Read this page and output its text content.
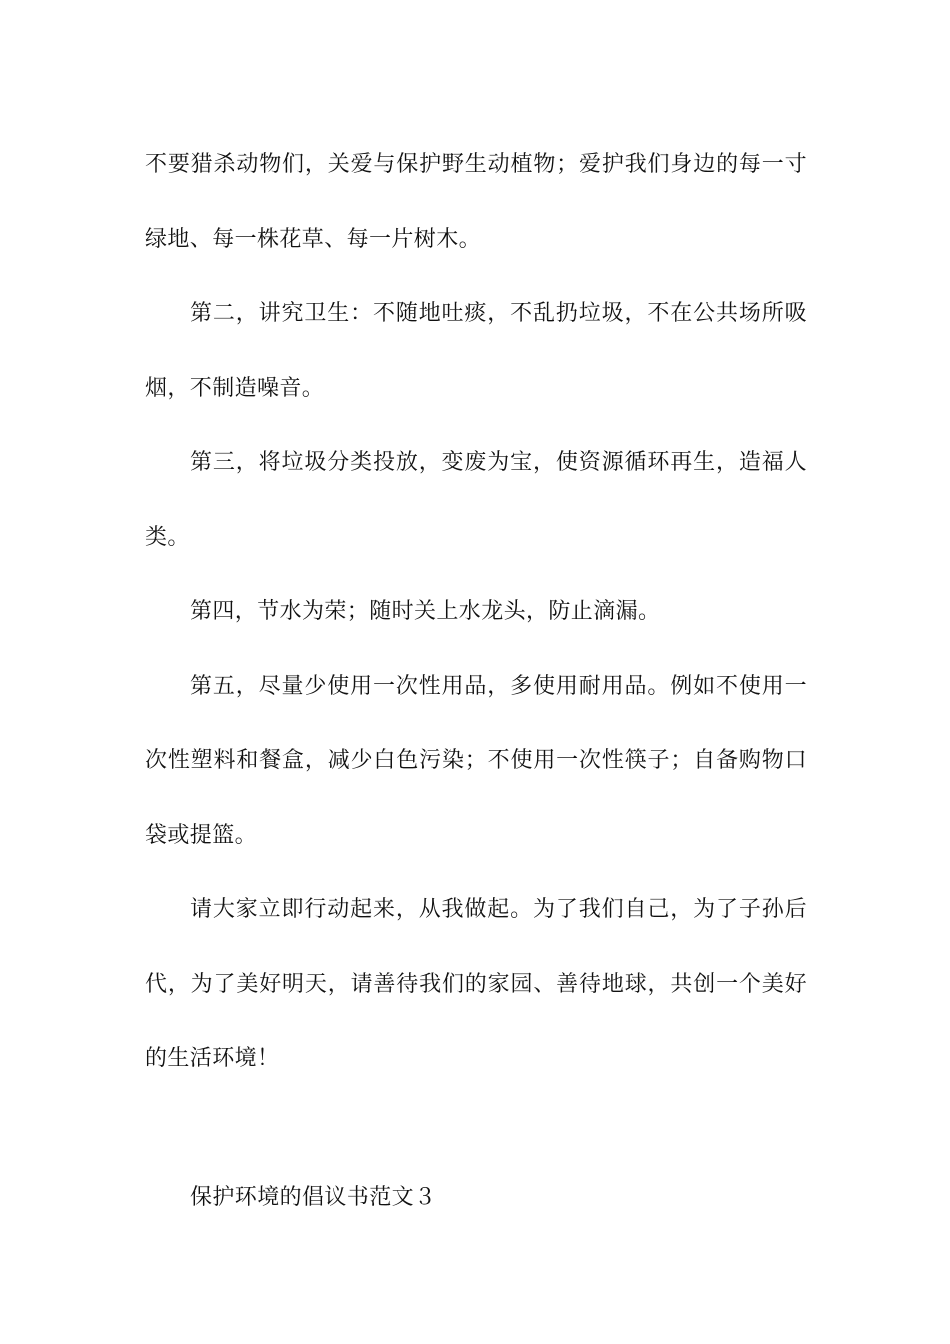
不要猎杀动物们，关爱与保护野生动植物；爱护我们身边的每一寸绿地、每一株花草、每一片树木。

第二，讲究卫生：不随地吐痰，不乱扔垃圾，不在公共场所吸烟，不制造噪音。

第三，将垃圾分类投放，变废为宝，使资源循环再生，造福人类。

第四，节水为荣；随时关上水龙头，防止滴漏。

第五，尽量少使用一次性用品，多使用耐用品。例如不使用一次性塑料和餐盒，减少白色污染；不使用一次性筷子；自备购物口袋或提篮。

请大家立即行动起来，从我做起。为了我们自己，为了子孙后代，为了美好明天，请善待我们的家园、善待地球，共创一个美好的生活环境！

保护环境的倡议书范文３
